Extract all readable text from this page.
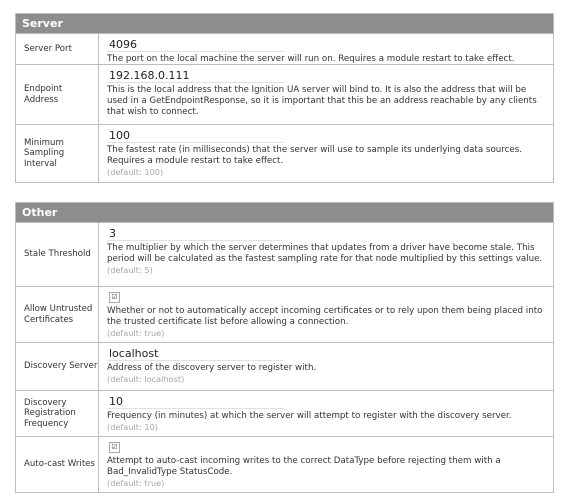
Server
Server Port
4096
The port on the local machine the server will run on. Requires a module restart to take effect.
Endpoint Address
192.168.0.111
This is the local address that the Ignition UA server will bind to. It is also the address that will be used in a GetEndpointResponse, so it is important that this be an address reachable by any clients that wish to connect.
Minimum Sampling Interval
100
The fastest rate (in milliseconds) that the server will use to sample its underlying data sources. Requires a module restart to take effect.
(default: 100)
Other
Stale Threshold
3
The multiplier by which the server determines that updates from a driver have become stale. This period will be calculated as the fastest sampling rate for that node multiplied by this settings value.
(default: 5)
Allow Untrusted Certificates
☑
Whether or not to automatically accept incoming certificates or to rely upon them being placed into the trusted certificate list before allowing a connection.
(default: true)
Discovery Server
localhost Address of the discovery server to register with.
(default: localhost)
Discovery Registration Frequency
10
Frequency (in minutes) at which the server will attempt to register with the discovery server.
(default: 10)
Auto-cast Writes
☑
Attempt to auto-cast incoming writes to the correct DataType before rejecting them with a Bad_InvalidType StatusCode.
(default: true)
